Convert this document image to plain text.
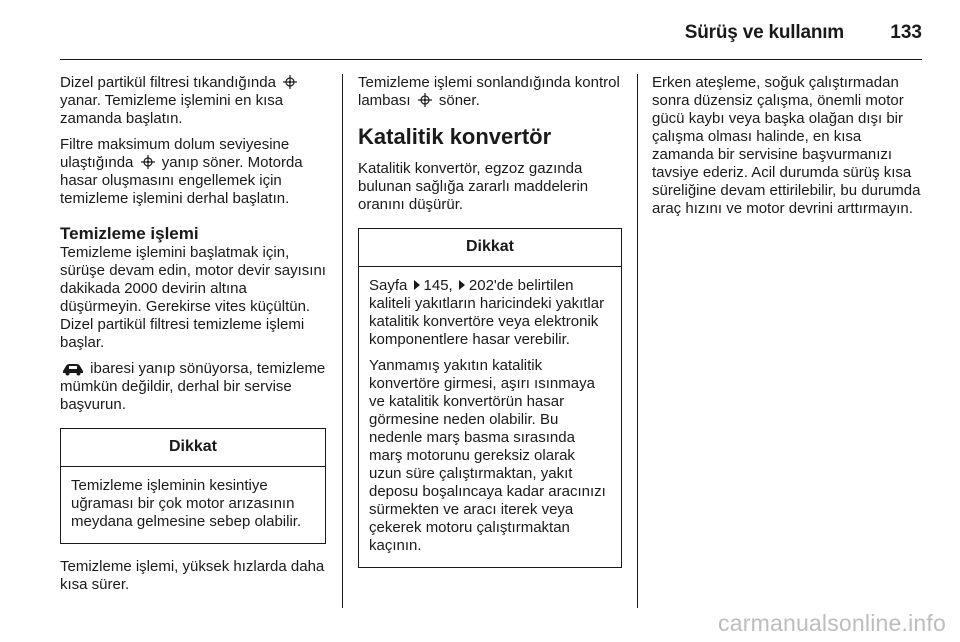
Sürüş ve kullanım 133

Dizel partikül filtresi tıkandığında  yanar. Temizleme işlemini en kısa zamanda başlatın.

Filtre maksimum dolum seviyesine ulaştığında yanıp söner. Motorda hasar oluşmasını engellemek için temizleme işlemini derhal başlatın.

Temizleme işlemi

Temizleme işlemini başlatmak için, sürüşe devam edin, motor devir sayısını dakikada 2000 devirin altına düşürmeyin. Gerekirse vites küçültün. Dizel partikül filtresi temizleme işlemi başlar.

ibaresi yanıp sönüyorsa, temizleme mümkün değildir, derhal bir servise başvurun.

Dikkat

Temizleme işleminin kesintiye uğraması bir çok motor arızasının meydana gelmesine sebep olabilir.

Temizleme işlemi, yüksek hızlarda daha kısa sürer.

Temizleme işlemi sonlandığında kontrol lambası söner.

Katalitik konvertör

Katalitik konvertör, egzoz gazında bulunan sağlığa zararlı maddelerin oranını düşürür.

Dikkat

Sayfa 145, 202'de belirtilen kaliteli yakıtların haricindeki yakıtlar katalitik konvertöre veya elektronik komponentlere hasar verebilir.

Yanmamış yakıtın katalitik konvertöre girmesi, aşırı ısınmaya ve katalitik konvertörün hasar görmesine neden olabilir. Bu nedenle marş basma sırasında marş motorunu gereksiz olarak uzun süre çalıştırmaktan, yakıt deposu boşalıncaya kadar aracınızı sürmekten ve aracı iterek veya çekerek motoru çalıştırmaktan kaçının.

Erken ateşleme, soğuk çalıştırmadan sonra düzensiz çalışma, önemli motor gücü kaybı veya başka olağan dışı bir çalışma olması halinde, en kısa zamanda bir servisine başvurmanızı tavsiye ederiz. Acil durumda sürüş kısa süreliğine devam ettirilebilir, bu durumda araç hızını ve motor devrini arttırmayın.

carmanualsonline.info
